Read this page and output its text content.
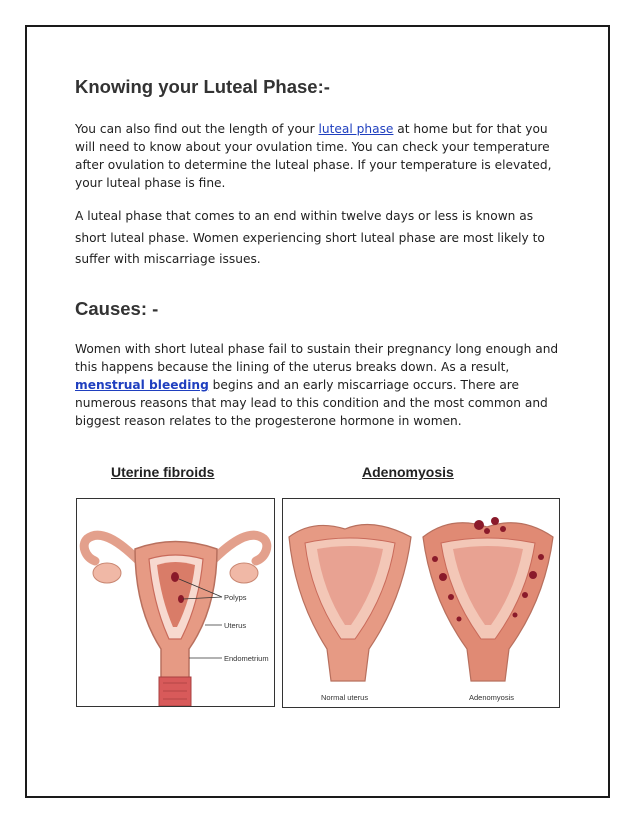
Knowing your Luteal Phase:-

You can also find out the length of your luteal phase at home but for that you will need to know about your ovulation time. You can check your temperature after ovulation to determine the luteal phase. If your temperature is elevated, your luteal phase is fine.

A luteal phase that comes to an end within twelve days or less is known as short luteal phase. Women experiencing short luteal phase are most likely to suffer with miscarriage issues.

Causes: -

Women with short luteal phase fail to sustain their pregnancy long enough and this happens because the lining of the uterus breaks down. As a result, menstrual bleeding begins and an early miscarriage occurs. There are numerous reasons that may lead to this condition and the most common and biggest reason relates to the progesterone hormone in women.

Uterine fibroids	Adenomyosis
Polyps
Uterus
Endometrium
Normal uterus	Adenomyosis
